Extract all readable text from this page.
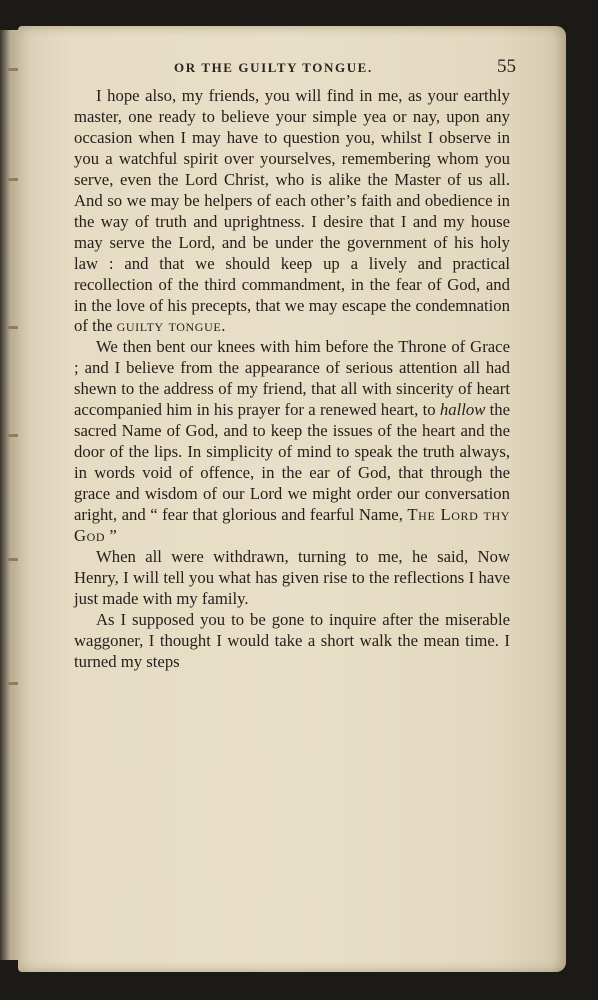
OR THE GUILTY TONGUE.	55

I hope also, my friends, you will find in me, as your earthly master, one ready to believe your simple yea or nay, upon any occasion when I may have to question you, whilst I observe in you a watchful spirit over yourselves, remembering whom you serve, even the Lord Christ, who is alike the Master of us all. And so we may be helpers of each other’s faith and obedience in the way of truth and uprightness. I desire that I and my house may serve the Lord, and be under the government of his holy law : and that we should keep up a lively and practical recollection of the third commandment, in the fear of God, and in the love of his precepts, that we may escape the condemnation of the guilty tongue.

We then bent our knees with him before the Throne of Grace ; and I believe from the appearance of serious attention all had shewn to the address of my friend, that all with sincerity of heart accompanied him in his prayer for a renewed heart, to hallow the sacred Name of God, and to keep the issues of the heart and the door of the lips. In simplicity of mind to speak the truth always, in words void of offence, in the ear of God, that through the grace and wisdom of our Lord we might order our conversation aright, and “ fear that glorious and fearful Name, The Lord thy God ”

When all were withdrawn, turning to me, he said, Now Henry, I will tell you what has given rise to the reflections I have just made with my family.

As I supposed you to be gone to inquire after the miserable waggoner, I thought I would take a short walk the mean time. I turned my steps
